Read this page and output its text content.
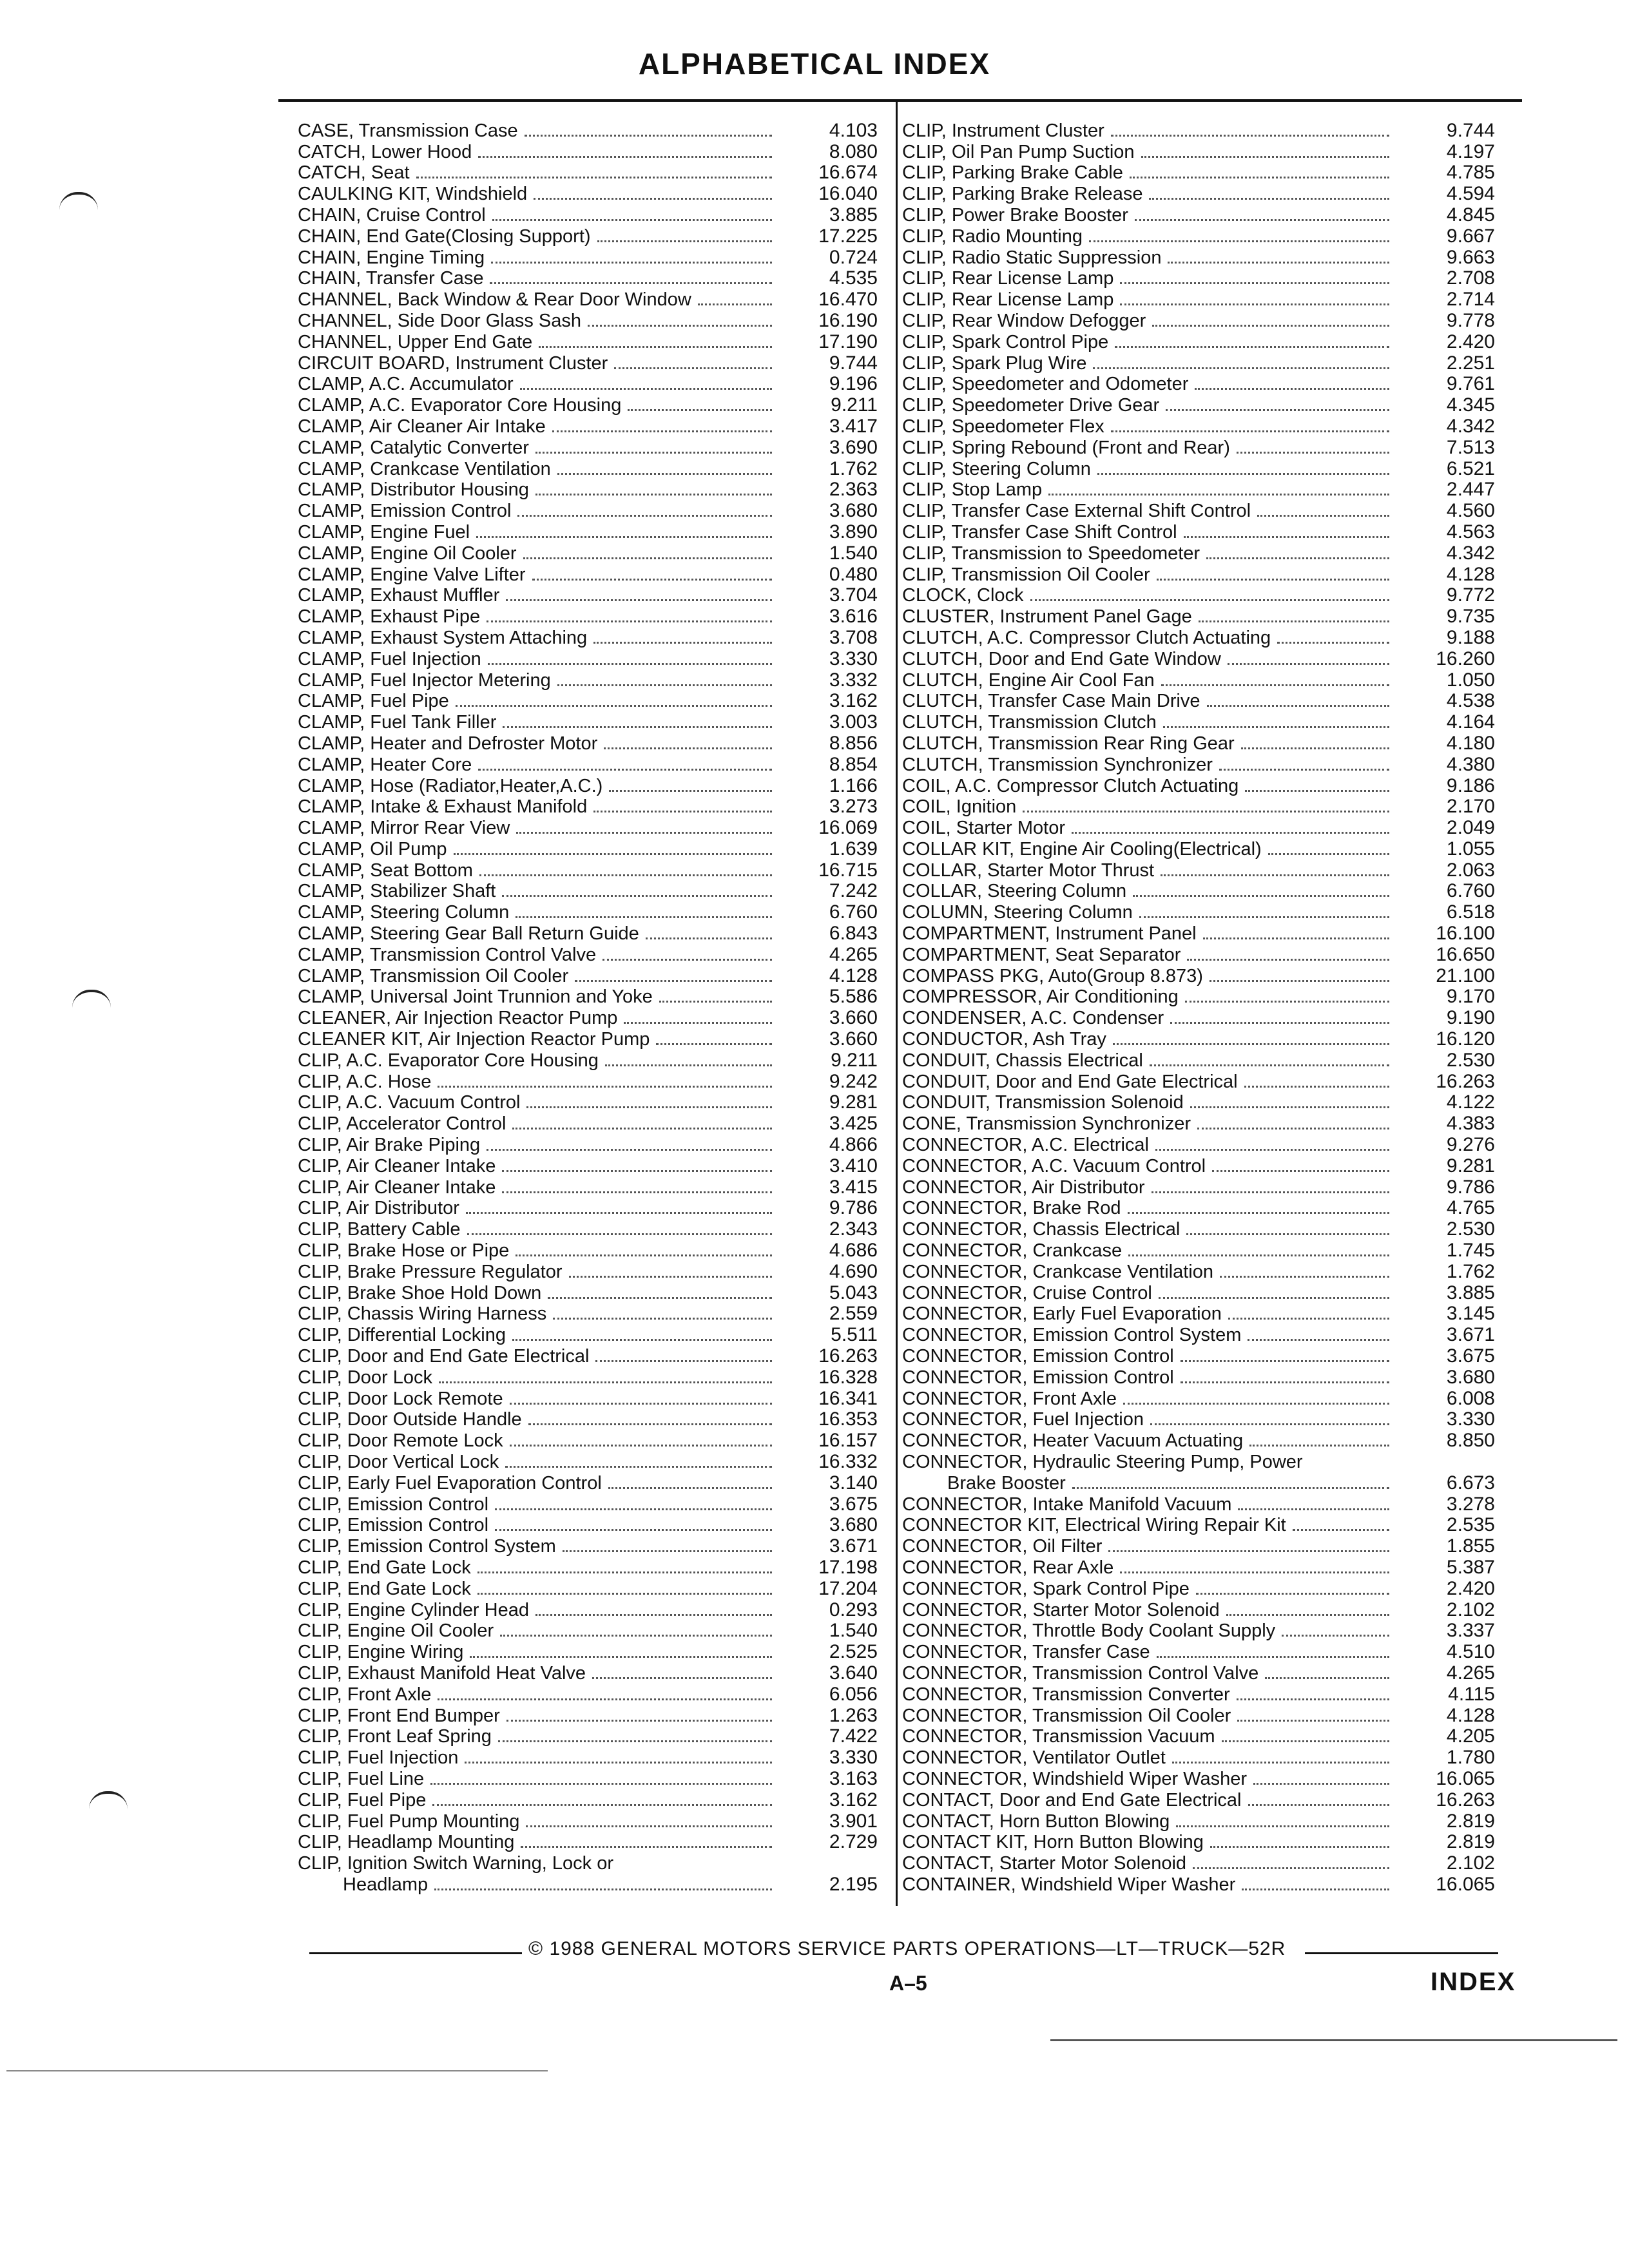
ALPHABETICAL INDEX
CASE, Transmission Case	4.103
CATCH, Lower Hood	8.080
CATCH, Seat	16.674
CAULKING KIT, Windshield	16.040
CHAIN, Cruise Control	3.885
CHAIN, End Gate(Closing Support)	17.225
CHAIN, Engine Timing	0.724
CHAIN, Transfer Case	4.535
CHANNEL, Back Window & Rear Door Window	16.470
CHANNEL, Side Door Glass Sash	16.190
CHANNEL, Upper End Gate	17.190
CIRCUIT BOARD, Instrument Cluster	9.744
CLAMP, A.C. Accumulator	9.196
CLAMP, A.C. Evaporator Core Housing	9.211
CLAMP, Air Cleaner Air Intake	3.417
CLAMP, Catalytic Converter	3.690
CLAMP, Crankcase Ventilation	1.762
CLAMP, Distributor Housing	2.363
CLAMP, Emission Control	3.680
CLAMP, Engine Fuel	3.890
CLAMP, Engine Oil Cooler	1.540
CLAMP, Engine Valve Lifter	0.480
CLAMP, Exhaust Muffler	3.704
CLAMP, Exhaust Pipe	3.616
CLAMP, Exhaust System Attaching	3.708
CLAMP, Fuel Injection	3.330
CLAMP, Fuel Injector Metering	3.332
CLAMP, Fuel Pipe	3.162
CLAMP, Fuel Tank Filler	3.003
CLAMP, Heater and Defroster Motor	8.856
CLAMP, Heater Core	8.854
CLAMP, Hose (Radiator,Heater,A.C.)	1.166
CLAMP, Intake & Exhaust Manifold	3.273
CLAMP, Mirror Rear View	16.069
CLAMP, Oil Pump	1.639
CLAMP, Seat Bottom	16.715
CLAMP, Stabilizer Shaft	7.242
CLAMP, Steering Column	6.760
CLAMP, Steering Gear Ball Return Guide	6.843
CLAMP, Transmission Control Valve	4.265
CLAMP, Transmission Oil Cooler	4.128
CLAMP, Universal Joint Trunnion and Yoke	5.586
CLEANER, Air Injection Reactor Pump	3.660
CLEANER KIT, Air Injection Reactor Pump	3.660
CLIP, A.C. Evaporator Core Housing	9.211
CLIP, A.C. Hose	9.242
CLIP, A.C. Vacuum Control	9.281
CLIP, Accelerator Control	3.425
CLIP, Air Brake Piping	4.866
CLIP, Air Cleaner Intake	3.410
CLIP, Air Cleaner Intake	3.415
CLIP, Air Distributor	9.786
CLIP, Battery Cable	2.343
CLIP, Brake Hose or Pipe	4.686
CLIP, Brake Pressure Regulator	4.690
CLIP, Brake Shoe Hold Down	5.043
CLIP, Chassis Wiring Harness	2.559
CLIP, Differential Locking	5.511
CLIP, Door and End Gate Electrical	16.263
CLIP, Door Lock	16.328
CLIP, Door Lock Remote	16.341
CLIP, Door Outside Handle	16.353
CLIP, Door Remote Lock	16.157
CLIP, Door Vertical Lock	16.332
CLIP, Early Fuel Evaporation Control	3.140
CLIP, Emission Control	3.675
CLIP, Emission Control	3.680
CLIP, Emission Control System	3.671
CLIP, End Gate Lock	17.198
CLIP, End Gate Lock	17.204
CLIP, Engine Cylinder Head	0.293
CLIP, Engine Oil Cooler	1.540
CLIP, Engine Wiring	2.525
CLIP, Exhaust Manifold Heat Valve	3.640
CLIP, Front Axle	6.056
CLIP, Front End Bumper	1.263
CLIP, Front Leaf Spring	7.422
CLIP, Fuel Injection	3.330
CLIP, Fuel Line	3.163
CLIP, Fuel Pipe	3.162
CLIP, Fuel Pump Mounting	3.901
CLIP, Headlamp Mounting	2.729
CLIP, Ignition Switch Warning, Lock or
Headlamp	2.195
CLIP, Instrument Cluster	9.744
CLIP, Oil Pan Pump Suction	4.197
CLIP, Parking Brake Cable	4.785
CLIP, Parking Brake Release	4.594
CLIP, Power Brake Booster	4.845
CLIP, Radio Mounting	9.667
CLIP, Radio Static Suppression	9.663
CLIP, Rear License Lamp	2.708
CLIP, Rear License Lamp	2.714
CLIP, Rear Window Defogger	9.778
CLIP, Spark Control Pipe	2.420
CLIP, Spark Plug Wire	2.251
CLIP, Speedometer and Odometer	9.761
CLIP, Speedometer Drive Gear	4.345
CLIP, Speedometer Flex	4.342
CLIP, Spring Rebound (Front and Rear)	7.513
CLIP, Steering Column	6.521
CLIP, Stop Lamp	2.447
CLIP, Transfer Case External Shift Control	4.560
CLIP, Transfer Case Shift Control	4.563
CLIP, Transmission to Speedometer	4.342
CLIP, Transmission Oil Cooler	4.128
CLOCK, Clock	9.772
CLUSTER, Instrument Panel Gage	9.735
CLUTCH, A.C. Compressor Clutch Actuating	9.188
CLUTCH, Door and End Gate Window	16.260
CLUTCH, Engine Air Cool Fan	1.050
CLUTCH, Transfer Case Main Drive	4.538
CLUTCH, Transmission Clutch	4.164
CLUTCH, Transmission Rear Ring Gear	4.180
CLUTCH, Transmission Synchronizer	4.380
COIL, A.C. Compressor Clutch Actuating	9.186
COIL, Ignition	2.170
COIL, Starter Motor	2.049
COLLAR KIT, Engine Air Cooling(Electrical)	1.055
COLLAR, Starter Motor Thrust	2.063
COLLAR, Steering Column	6.760
COLUMN, Steering Column	6.518
COMPARTMENT, Instrument Panel	16.100
COMPARTMENT, Seat Separator	16.650
COMPASS PKG, Auto(Group 8.873)	21.100
COMPRESSOR, Air Conditioning	9.170
CONDENSER, A.C. Condenser	9.190
CONDUCTOR, Ash Tray	16.120
CONDUIT, Chassis Electrical	2.530
CONDUIT, Door and End Gate Electrical	16.263
CONDUIT, Transmission Solenoid	4.122
CONE, Transmission Synchronizer	4.383
CONNECTOR, A.C. Electrical	9.276
CONNECTOR, A.C. Vacuum Control	9.281
CONNECTOR, Air Distributor	9.786
CONNECTOR, Brake Rod	4.765
CONNECTOR, Chassis Electrical	2.530
CONNECTOR, Crankcase	1.745
CONNECTOR, Crankcase Ventilation	1.762
CONNECTOR, Cruise Control	3.885
CONNECTOR, Early Fuel Evaporation	3.145
CONNECTOR, Emission Control System	3.671
CONNECTOR, Emission Control	3.675
CONNECTOR, Emission Control	3.680
CONNECTOR, Front Axle	6.008
CONNECTOR, Fuel Injection	3.330
CONNECTOR, Heater Vacuum Actuating	8.850
CONNECTOR, Hydraulic Steering Pump, Power
Brake Booster	6.673
CONNECTOR, Intake Manifold Vacuum	3.278
CONNECTOR KIT, Electrical Wiring Repair Kit	2.535
CONNECTOR, Oil Filter	1.855
CONNECTOR, Rear Axle	5.387
CONNECTOR, Spark Control Pipe	2.420
CONNECTOR, Starter Motor Solenoid	2.102
CONNECTOR, Throttle Body Coolant Supply	3.337
CONNECTOR, Transfer Case	4.510
CONNECTOR, Transmission Control Valve	4.265
CONNECTOR, Transmission Converter	4.115
CONNECTOR, Transmission Oil Cooler	4.128
CONNECTOR, Transmission Vacuum	4.205
CONNECTOR, Ventilator Outlet	1.780
CONNECTOR, Windshield Wiper Washer	16.065
CONTACT, Door and End Gate Electrical	16.263
CONTACT, Horn Button Blowing	2.819
CONTACT KIT, Horn Button Blowing	2.819
CONTACT, Starter Motor Solenoid	2.102
CONTAINER, Windshield Wiper Washer	16.065
© 1988 GENERAL MOTORS SERVICE PARTS OPERATIONS—LT—TRUCK—52R
A–5	INDEX
